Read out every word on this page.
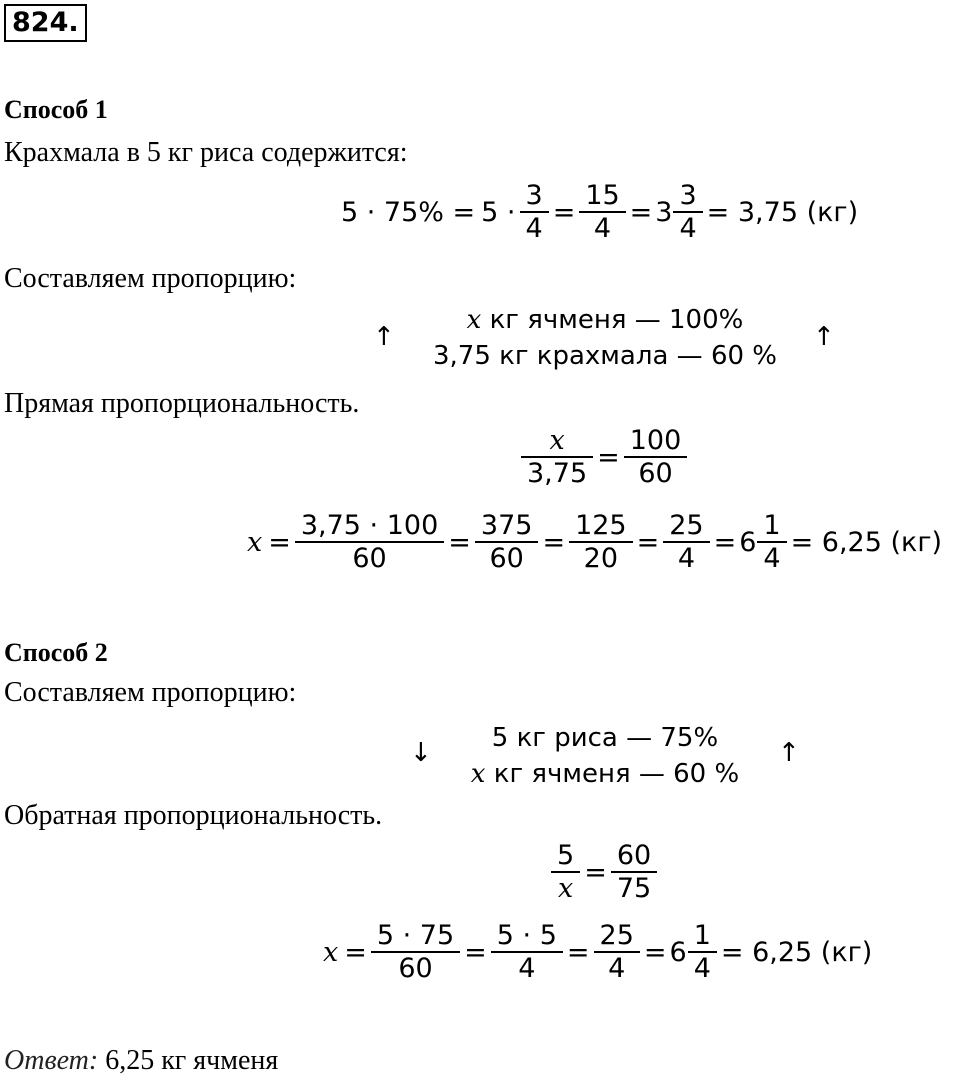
824.
Способ 1
Крахмала в 5 кг риса содержится:
$5 \cdot 75\% = 5 \cdot \frac{3}{4} = \frac{15}{4} = 3 \frac{3}{4} = 3,75$ (кг)
Составляем пропорцию:
↑
x кг ячменя — 100%
3,75 кг крахмала — 60 %
↑
Прямая пропорциональность.
$\frac{x}{3,75} = \frac{100}{60}$
$x = \frac{3,75 \cdot 100}{60} = \frac{375}{60} = \frac{125}{20} = \frac{25}{4} = 6 \frac{1}{4} = 6,25$ (кг)
Способ 2
Составляем пропорцию:
↓	5 кг риса — 75%
x кг ячменя — 60 %
↑
Обратная пропорциональность.
$\frac{5}{x} = \frac{60}{75}$
$x = \frac{5 \cdot 75}{60} = \frac{5 \cdot 5}{4} = \frac{25}{4} = 6 \frac{1}{4} = 6,25$ (кг)
Ответ: 6,25 кг ячменя
